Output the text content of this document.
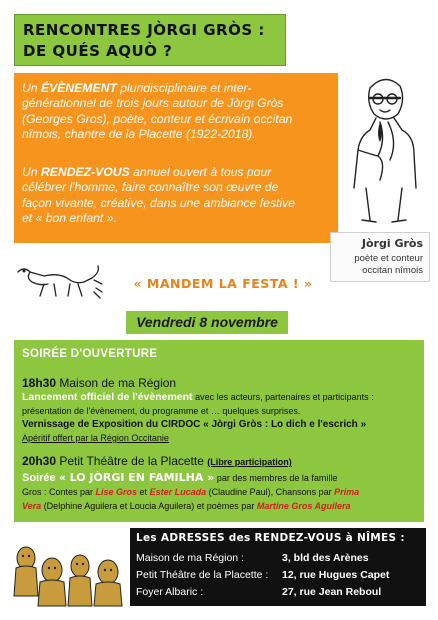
RENCONTRES JÒRGI GRÒS :
DE QUÉS AQUÒ ?

Un ÉVÈNEMENT pluridisciplinaire et inter-
générationnel de trois jours autour de Jòrgi Gròs
(Georges Gros), poète, conteur et écrivain occitan
nîmois, chantre de la Placette (1922-2018).

Un RENDEZ-VOUS annuel ouvert à tous pour
célébrer l'homme, faire connaître son œuvre de
façon vivante, créative, dans une ambiance festive
et « bon enfant ».

Jòrgi Gròs
poète et conteur
occitan nîmois
« MANDEM LA FESTA ! »
Vendredi 8 novembre
SOIRÉE D'OUVERTURE
18h30 Maison de ma Région
Lancement officiel de l'évènement avec les acteurs, partenaires et participants :
présentation de l'évènement, du programme et … quelques surprises.
Vernissage de Exposition du CIRDOC « Jòrgi Gròs : Lo dich e l'escrich »
Apéritif offert par la Région Occitanie
20h30 Petit Théâtre de la Placette (Libre participation)
Soirée « LO JÒRGI EN FAMILHA » par des membres de la famille
Gros : Contes par Lise Gros et Ester Lucada (Claudine Paul), Chansons par Prima
Vera (Delphine Aguilera et Loucia Aguilera) et poèmes par Martine Gros Aguilera
Les ADRESSES des RENDEZ-VOUS à NÎMES :
Maison de ma Région :	3, bld des Arènes
Petit Théâtre de la Placette : 12, rue Hugues Capet
Foyer Albaric :	27, rue Jean Reboul
